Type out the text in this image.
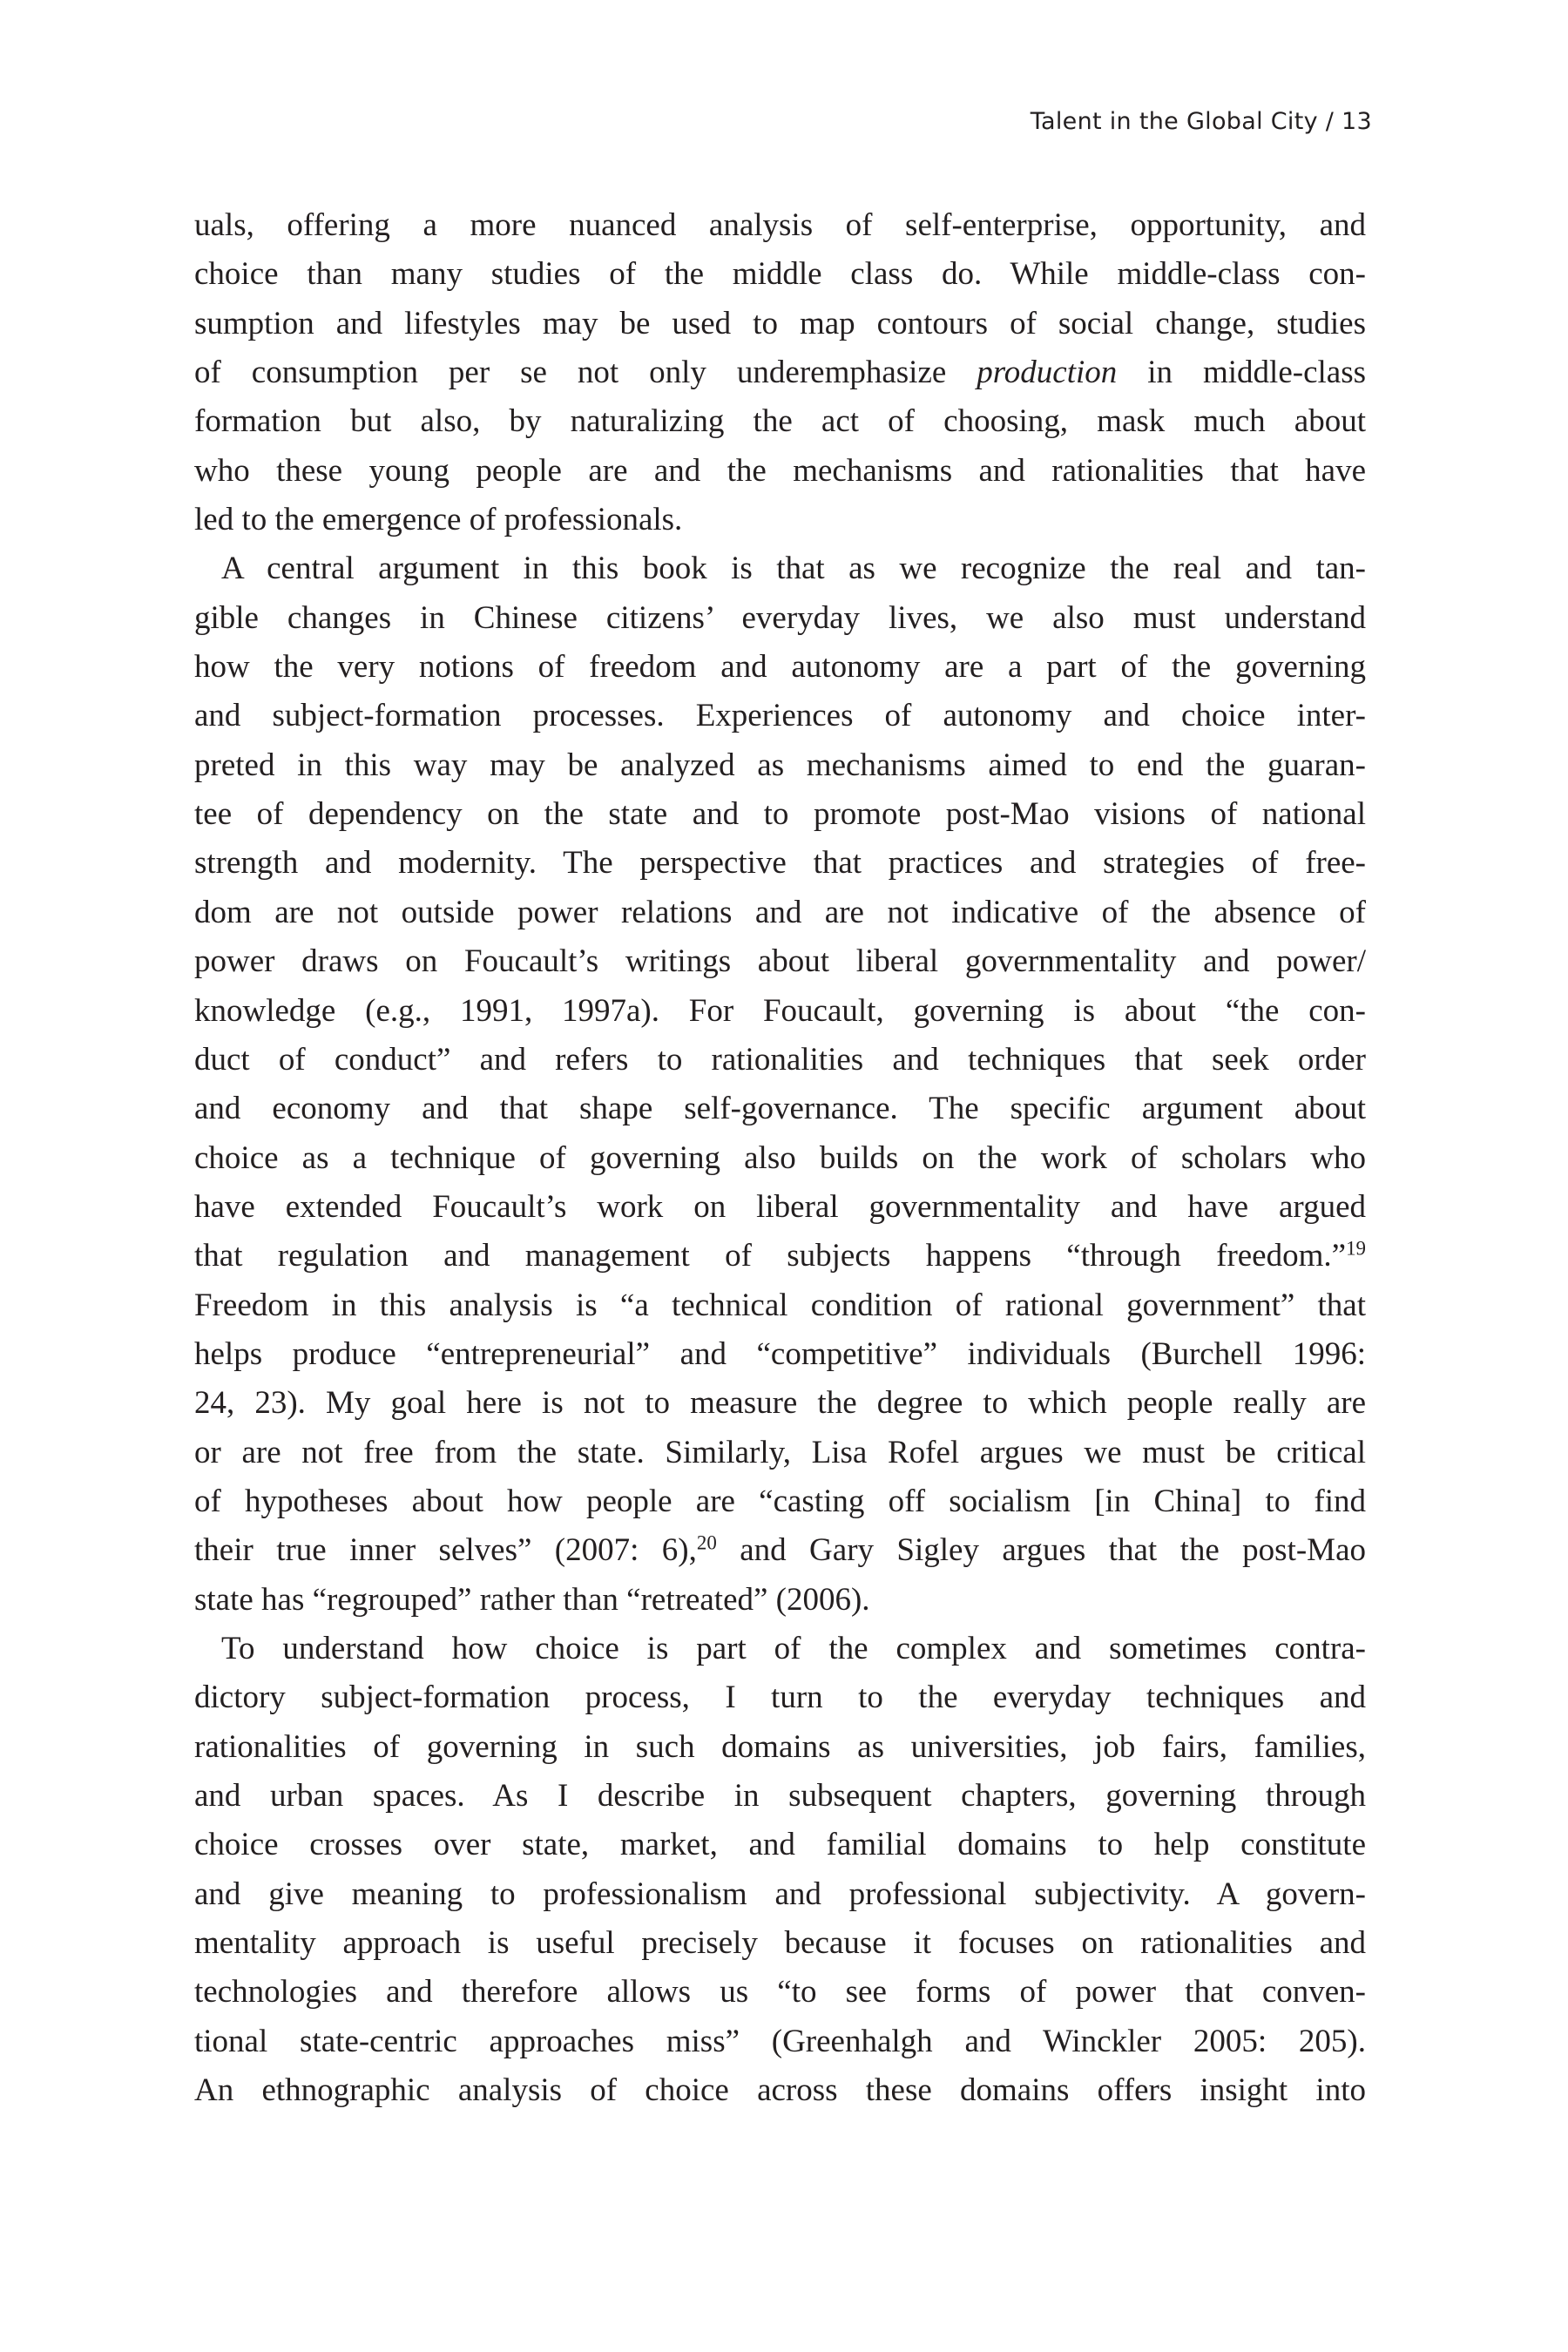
Talent in the Global City / 13
uals, offering a more nuanced analysis of self-enterprise, opportunity, and
choice than many studies of the middle class do. While middle-class con-
sumption and lifestyles may be used to map contours of social change, studies
of consumption per se not only underemphasize production in middle-class
formation but also, by naturalizing the act of choosing, mask much about
who these young people are and the mechanisms and rationalities that have
led to the emergence of professionals.
A central argument in this book is that as we recognize the real and tan-
gible changes in Chinese citizens’ everyday lives, we also must understand
how the very notions of freedom and autonomy are a part of the governing
and subject-formation processes. Experiences of autonomy and choice inter-
preted in this way may be analyzed as mechanisms aimed to end the guaran-
tee of dependency on the state and to promote post-Mao visions of national
strength and modernity. The perspective that practices and strategies of free-
dom are not outside power relations and are not indicative of the absence of
power draws on Foucault’s writings about liberal governmentality and power/
knowledge (e.g., 1991, 1997a). For Foucault, governing is about “the con-
duct of conduct” and refers to rationalities and techniques that seek order
and economy and that shape self-governance. The specific argument about
choice as a technique of governing also builds on the work of scholars who
have extended Foucault’s work on liberal governmentality and have argued
that regulation and management of subjects happens “through freedom.”$^{19}$
Freedom in this analysis is “a technical condition of rational government” that
helps produce “entrepreneurial” and “competitive” individuals (Burchell 1996:
24, 23). My goal here is not to measure the degree to which people really are
or are not free from the state. Similarly, Lisa Rofel argues we must be critical
of hypotheses about how people are “casting off socialism [in China] to find
their true inner selves” (2007: 6),$^{20}$ and Gary Sigley argues that the post-Mao
state has “regrouped” rather than “retreated” (2006).
To understand how choice is part of the complex and sometimes contra-
dictory subject-formation process, I turn to the everyday techniques and
rationalities of governing in such domains as universities, job fairs, families,
and urban spaces. As I describe in subsequent chapters, governing through
choice crosses over state, market, and familial domains to help constitute
and give meaning to professionalism and professional subjectivity. A govern-
mentality approach is useful precisely because it focuses on rationalities and
technologies and therefore allows us “to see forms of power that conven-
tional state-centric approaches miss” (Greenhalgh and Winckler 2005: 205).
An ethnographic analysis of choice across these domains offers insight into
